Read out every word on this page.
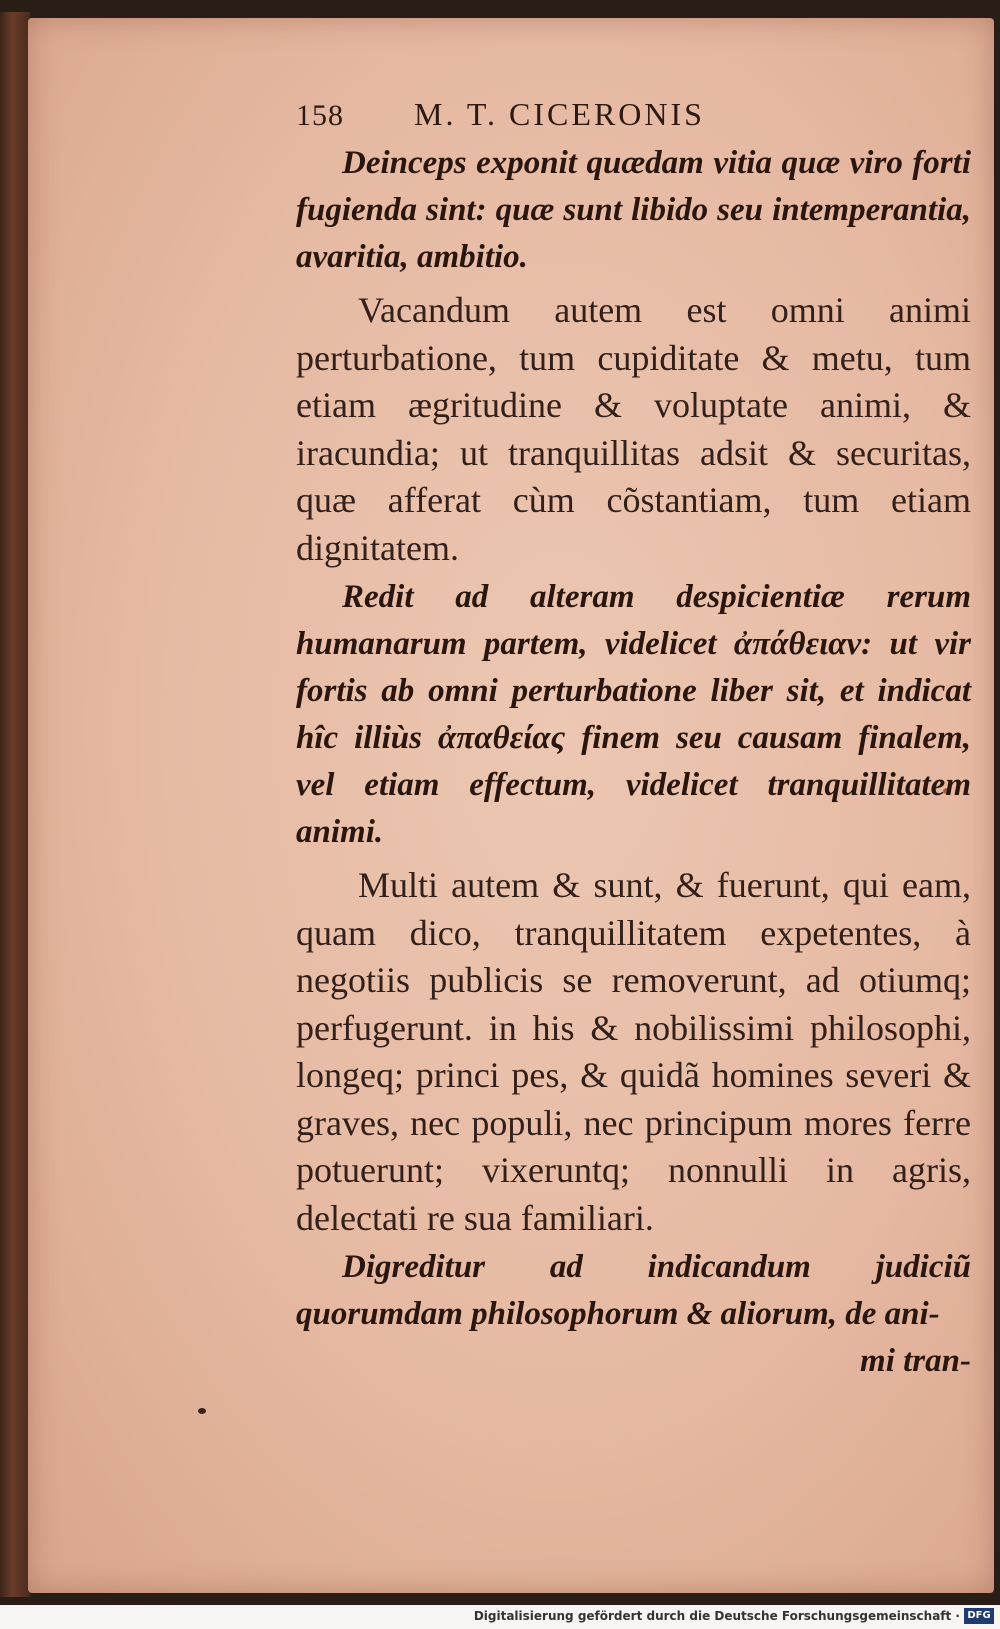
158	M. T. CICERONIS

Deinceps exponit quædam vitia quæ viro forti fugienda sint: quæ sunt libido seu intemperantia, avaritia, ambitio.

Vacandum autem est omni animi perturbatione, tum cupiditate & metu, tum etiam ægritudine & voluptate animi, & iracundia; ut tranquillitas adsit & securitas, quæ afferat cùm cõstantiam, tum etiam dignitatem.

Redit ad alteram despicientiæ rerum humanarum partem, videlicet ἀπάθειαν: ut vir fortis ab omni perturbatione liber sit, et indicat hîc illiùs ἀπαθείας finem seu causam finalem, vel etiam effectum, videlicet tranquillitatem animi.

Multi autem & sunt, & fuerunt, qui eam, quam dico, tranquillitatem expetentes, à negotiis publicis se removerunt, ad otiumq; perfugerunt. in his & nobilissimi philosophi, longeq; princi pes, & quidã homines severi & graves, nec populi, nec principum mores ferre potuerunt; vixeruntq; nonnulli in agris, delectati re sua familiari.

Digreditur ad indicandum judiciũ quorumdam philosophorum & aliorum, de ani-

mi tran-

Digitalisierung gefördert durch die Deutsche Forschungsgemeinschaft · DFG
